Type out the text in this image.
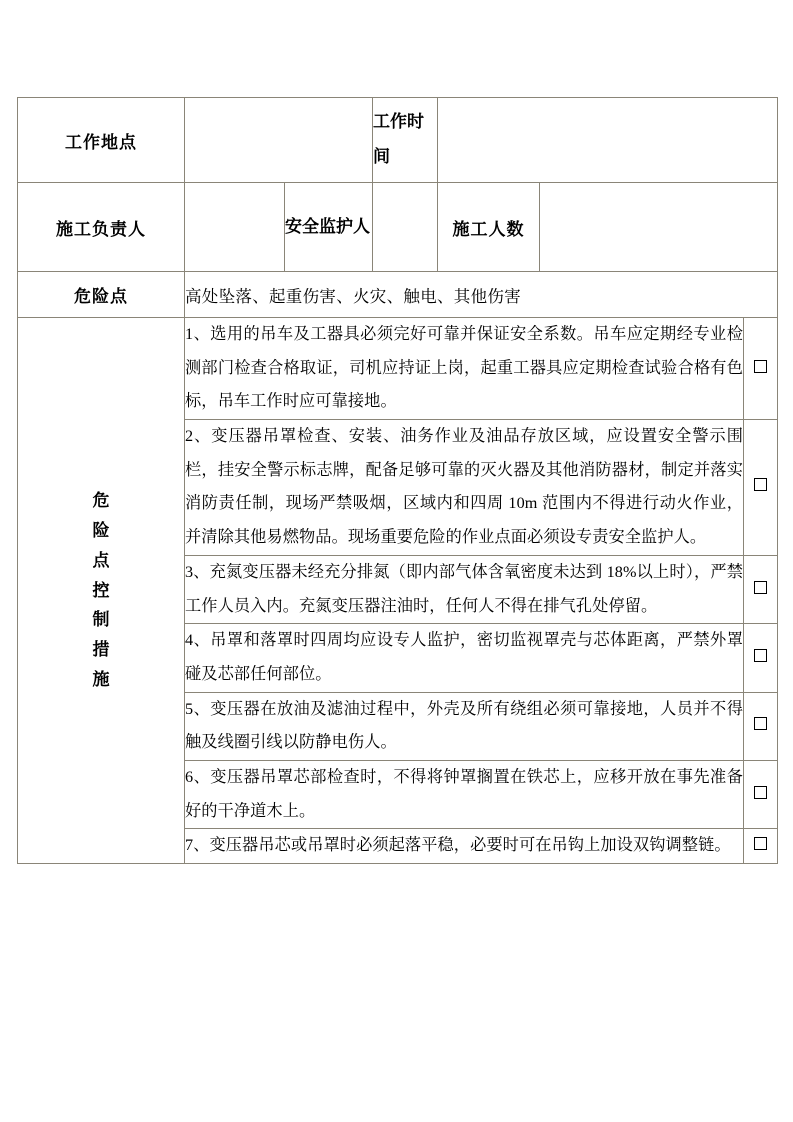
工作地点			工作时间			
施工负责人		安全监护人		施工人数		
危险点	高处坠落、起重伤害、火灾、触电、其他伤害					

危
险
点
控
制
措
施
	1、选用的吊车及工器具必须完好可靠并保证安全系数。吊车应定期经专业检测部门检查合格取证，司机应持证上岗，起重工器具应定期检查试验合格有色标，吊车工作时应可靠接地。	
	2、变压器吊罩检查、安装、油务作业及油品存放区域，应设置安全警示围栏，挂安全警示标志牌，配备足够可靠的灭火器及其他消防器材，制定并落实消防责任制，现场严禁吸烟，区域内和四周 10m 范围内不得进行动火作业，并清除其他易燃物品。现场重要危险的作业点面必须设专责安全监护人。					
	3、充氮变压器未经充分排氮（即内部气体含氧密度未达到 18%以上时），严禁工作人员入内。充氮变压器注油时，任何人不得在排气孔处停留。					
	4、吊罩和落罩时四周均应设专人监护，密切监视罩壳与芯体距离，严禁外罩碰及芯部任何部位。					
	5、变压器在放油及滤油过程中，外壳及所有绕组必须可靠接地，人员并不得触及线圈引线以防静电伤人。					
	6、变压器吊罩芯部检查时，不得将钟罩搁置在铁芯上，应移开放在事先准备好的干净道木上。					
	7、变压器吊芯或吊罩时必须起落平稳，必要时可在吊钩上加设双钩调整链。					
